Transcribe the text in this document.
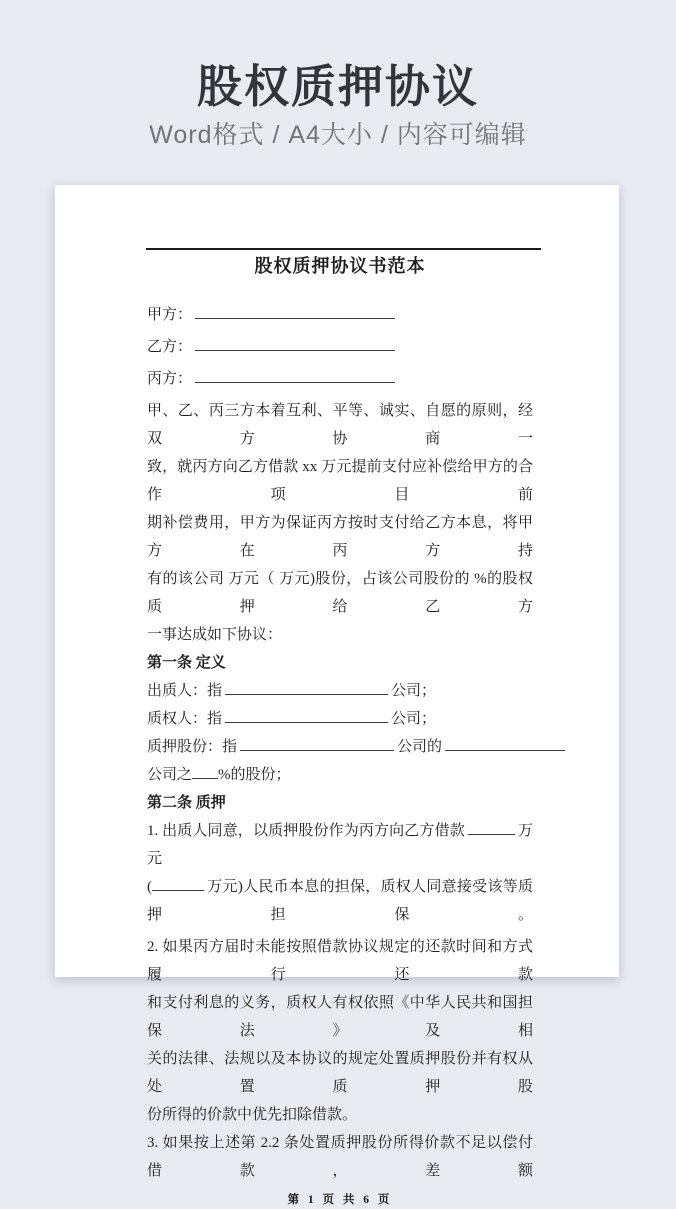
股权质押协议
Word格式 / A4大小 / 内容可编辑
股权质押协议书范本
甲方：
乙方：
丙方：
甲、乙、丙三方本着互利、平等、诚实、自愿的原则，经双方协商一
致，就丙方向乙方借款 xx 万元提前支付应补偿给甲方的合作项目前
期补偿费用，甲方为保证丙方按时支付给乙方本息，将甲方在丙方持
有的该公司 万元（ 万元)股份，占该公司股份的 %的股权质押给乙方
一事达成如下协议：
第一条 定义
出质人：指	公司；
质权人：指	公司；
质押股份：指	公司的
公司之 %的股份；
第二条 质押
1. 出质人同意，以质押股份作为丙方向乙方借款	万元
(	万元)人民币本息的担保，质权人同意接受该等质押担保。
2. 如果丙方届时未能按照借款协议规定的还款时间和方式履行还款
和支付利息的义务，质权人有权依照《中华人民共和国担保法》及相
关的法律、法规以及本协议的规定处置质押股份并有权从处置质押股
份所得的价款中优先扣除借款。
3. 如果按上述第 2.2 条处置质押股份所得价款不足以偿付借款，差额
第 1 页 共 6 页
